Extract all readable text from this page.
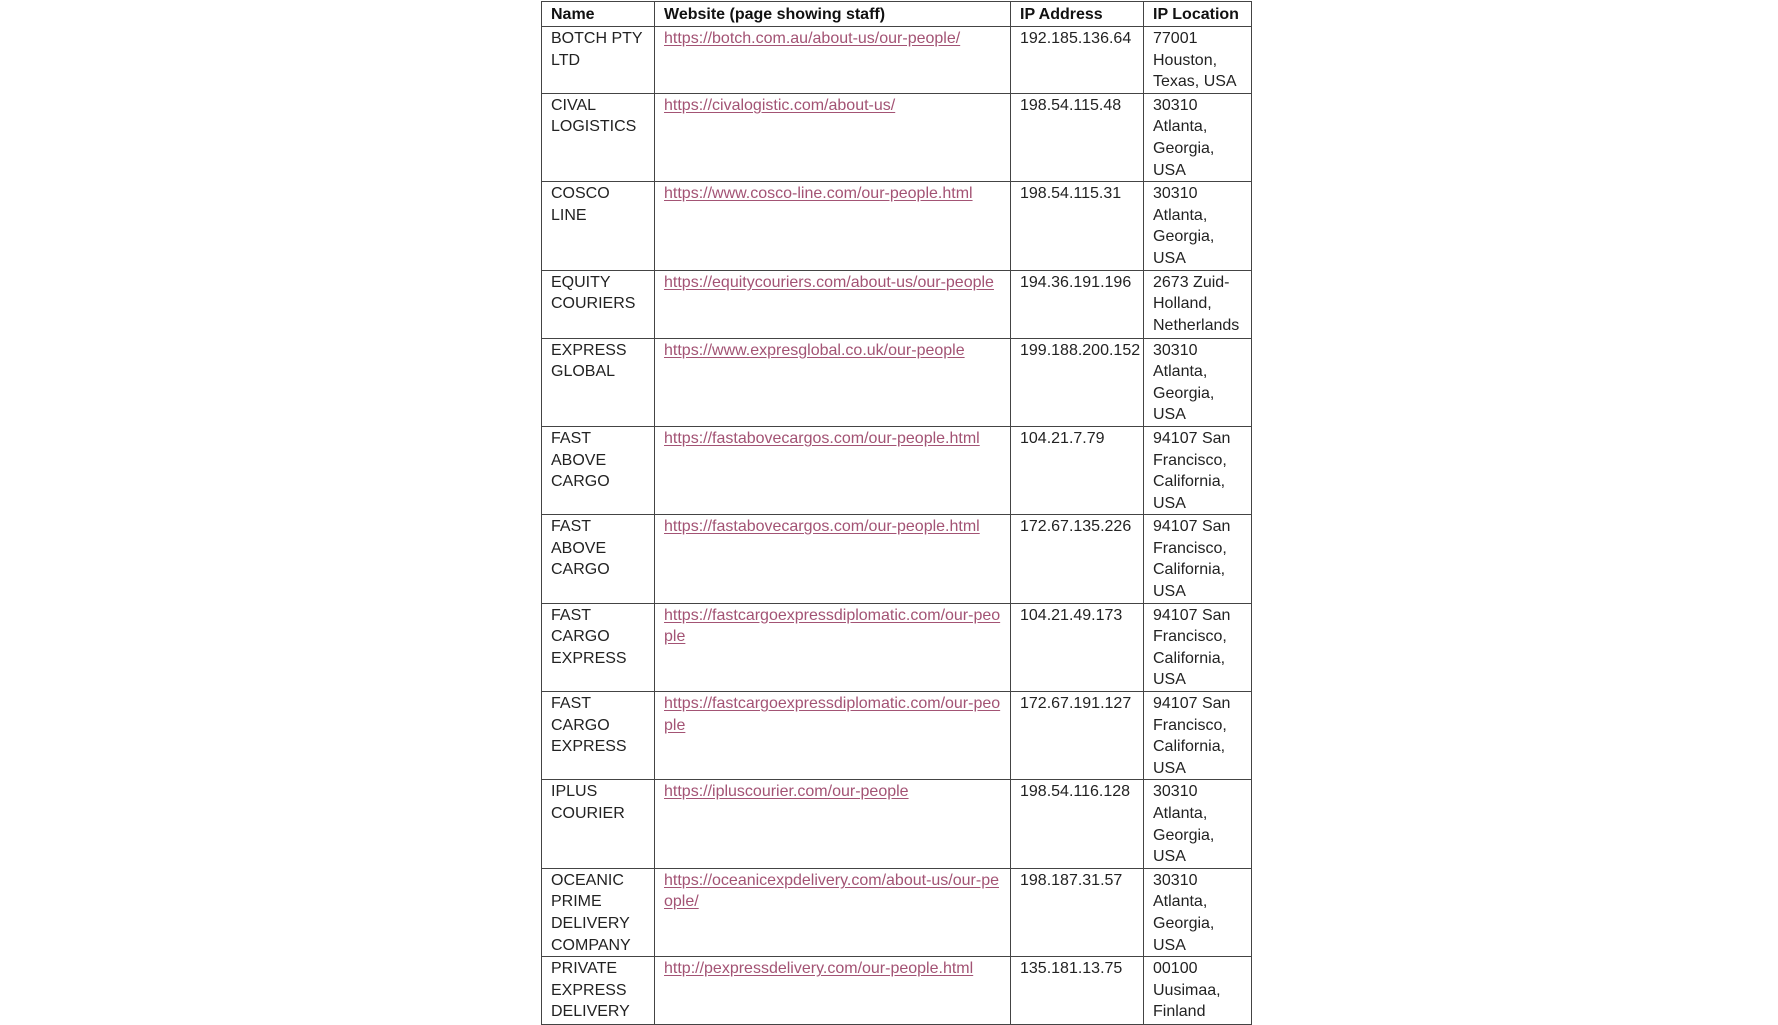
Name	Website (page showing staff)	IP Address	IP Location
BOTCH PTY LTD	https://botch.com.au/about-us/our-people/	192.185.136.64	77001 Houston, Texas, USA
CIVAL LOGISTICS	https://civalogistic.com/about-us/	198.54.115.48	30310 Atlanta, Georgia, USA
COSCO LINE	https://www.cosco-line.com/our-people.html	198.54.115.31	30310 Atlanta, Georgia, USA
EQUITY COURIERS	https://equitycouriers.com/about-us/our-people	194.36.191.196	2673 Zuid-Holland, Netherlands
EXPRESS GLOBAL	https://www.expresglobal.co.uk/our-people	199.188.200.152	30310 Atlanta, Georgia, USA
FAST ABOVE CARGO	https://fastabovecargos.com/our-people.html	104.21.7.79	94107 San Francisco, California, USA
FAST ABOVE CARGO	https://fastabovecargos.com/our-people.html	172.67.135.226	94107 San Francisco, California, USA
FAST CARGO EXPRESS	https://fastcargoexpressdiplomatic.com/our-people	104.21.49.173	94107 San Francisco, California, USA
FAST CARGO EXPRESS	https://fastcargoexpressdiplomatic.com/our-people	172.67.191.127	94107 San Francisco, California, USA
IPLUS COURIER	https://ipluscourier.com/our-people	198.54.116.128	30310 Atlanta, Georgia, USA
OCEANIC PRIME DELIVERY COMPANY	https://oceanicexpdelivery.com/about-us/our-people/	198.187.31.57	30310 Atlanta, Georgia, USA
PRIVATE EXPRESS DELIVERY	http://pexpressdelivery.com/our-people.html	135.181.13.75	00100 Uusimaa, Finland
